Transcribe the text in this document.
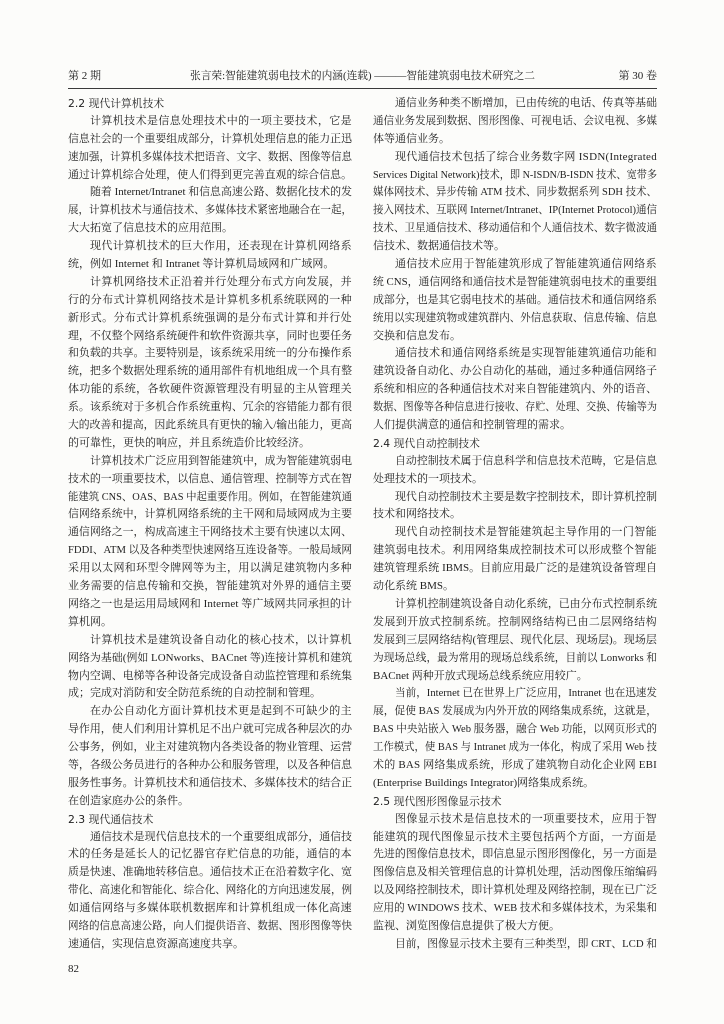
第 2 期	张言荣:智能建筑弱电技术的内涵(连载) ———智能建筑弱电技术研究之二	第 30 卷
2.2 现代计算机技术
计算机技术是信息处理技术中的一项主要技术，它是
信息社会的一个重要组成部分，计算机处理信息的能力正迅
速加强，计算机多媒体技术把语音、文字、数据、图像等信息
通过计算机综合处理，使人们得到更完善直观的综合信息。
随着 Internet/Intranet 和信息高速公路、数据化技术的发
展，计算机技术与通信技术、多媒体技术紧密地融合在一起，
大大拓宽了信息技术的应用范围。
现代计算机技术的巨大作用，还表现在计算机网络系
统，例如 Internet 和 Intranet 等计算机局域网和广域网。
计算机网络技术正沿着并行处理分布式方向发展，并
行的分布式计算机网络技术是计算机多机系统联网的一种
新形式。分布式计算机系统强调的是分布式计算和并行处
理，不仅整个网络系统硬件和软件资源共享，同时也要任务
和负载的共享。主要特别是，该系统采用统一的分布操作系
统，把多个数据处理系统的通用部件有机地组成一个具有整
体功能的系统，各软硬件资源管理没有明显的主从管理关
系。该系统对于多机合作系统重构、冗余的容错能力都有很
大的改善和提高，因此系统具有更快的输入/输出能力，更高
的可靠性，更快的响应，并且系统造价比较经济。
计算机技术广泛应用到智能建筑中，成为智能建筑弱电
技术的一项重要技术，以信息、通信管理、控制等方式在智
能建筑 CNS、OAS、BAS 中起重要作用。例如，在智能建筑通
信网络系统中，计算机网络系统的主干网和局域网成为主要
通信网络之一，构成高速主干网络技术主要有快速以太网、
FDDI、ATM 以及各种类型快速网络互连设备等。一般局域网
采用以太网和环型令牌网等为主，用以满足建筑物内多种
业务需要的信息传输和交换，智能建筑对外界的通信主要
网络之一也是运用局域网和 Internet 等广域网共同承担的计
算机网。
计算机技术是建筑设备自动化的核心技术，以计算机
网络为基础(例如 LONworks、BACnet 等)连接计算机和建筑
物内空调、电梯等各种设备完成设备自动监控管理和系统集
成；完成对消防和安全防范系统的自动控制和管理。
在办公自动化方面计算机技术更是起到不可缺少的主
导作用，使人们利用计算机足不出户就可完成各种层次的办
公事务，例如，业主对建筑物内各类设备的物业管理、运营
等，各级公务员进行的各种办公和服务管理，以及各种信息
服务性事务。计算机技术和通信技术、多媒体技术的结合正
在创造家庭办公的条件。
2.3 现代通信技术
通信技术是现代信息技术的一个重要组成部分，通信技
术的任务是延长人的记忆器官存贮信息的功能，通信的本
质是快速、准确地转移信息。通信技术正在沿着数字化、宽
带化、高速化和智能化、综合化、网络化的方向迅速发展，例
如通信网络与多媒体联机数据库和计算机组成一体化高速
网络的信息高速公路，向人们提供语音、数据、图形图像等快
速通信，实现信息资源高速度共享。
通信业务种类不断增加，已由传统的电话、传真等基础
通信业务发展到数据、图形图像、可视电话、会议电视、多媒
体等通信业务。
现代通信技术包括了综合业务数字网 ISDN(Integrated
Services Digital Network)技术，即 N-ISDN/B-ISDN 技术、宽带多
媒体网技术、异步传输 ATM 技术、同步数据系列 SDH 技术、
接入网技术、互联网 Internet/Intranet、IP(Internet Protocol)通信
技术、卫星通信技术、移动通信和个人通信技术、数字微波通
信技术、数据通信技术等。
通信技术应用于智能建筑形成了智能建筑通信网络系
统 CNS，通信网络和通信技术是智能建筑弱电技术的重要组
成部分，也是其它弱电技术的基础。通信技术和通信网络系
统用以实现建筑物或建筑群内、外信息获取、信息传输、信息
交换和信息发布。
通信技术和通信网络系统是实现智能建筑通信功能和
建筑设备自动化、办公自动化的基础，通过多种通信网络子
系统和相应的各种通信技术对来自智能建筑内、外的语音、
数据、图像等各种信息进行接收、存贮、处理、交换、传输等为
人们提供满意的通信和控制管理的需求。
2.4 现代自动控制技术
自动控制技术属于信息科学和信息技术范畴，它是信息
处理技术的一项技术。
现代自动控制技术主要是数字控制技术，即计算机控制
技术和网络技术。
现代自动控制技术是智能建筑起主导作用的一门智能
建筑弱电技术。利用网络集成控制技术可以形成整个智能
建筑管理系统 IBMS。目前应用最广泛的是建筑设备管理自
动化系统 BMS。
计算机控制建筑设备自动化系统，已由分布式控制系统
发展到开放式控制系统。控制网络结构已由二层网络结构
发展到三层网络结构(管理层、现代化层、现场层)。现场层
为现场总线，最为常用的现场总线系统，目前以 Lonworks 和
BACnet 两种开放式现场总线系统应用较广。
当前，Internet 已在世界上广泛应用，Intranet 也在迅速发
展，促使 BAS 发展成为内外开放的网络集成系统，这就是，
BAS 中央站嵌入 Web 服务器，融合 Web 功能，以网页形式的
工作模式，使 BAS 与 Intranet 成为一体化，构成了采用 Web 技
术的 BAS 网络集成系统，形成了建筑物自动化企业网 EBI
(Enterprise Buildings Integrator)网络集成系统。
2.5 现代图形图像显示技术
图像显示技术是信息技术的一项重要技术，应用于智
能建筑的现代图像显示技术主要包括两个方面，一方面是
先进的图像信息技术，即信息显示图形图像化，另一方面是
图像信息及相关管理信息的计算机处理，活动图像压缩编码
以及网络控制技术，即计算机处理及网络控制，现在已广泛
应用的 WINDOWS 技术、WEB 技术和多媒体技术，为采集和
监视、浏览图像信息提供了极大方便。
目前，图像显示技术主要有三种类型，即 CRT、LCD 和
82
